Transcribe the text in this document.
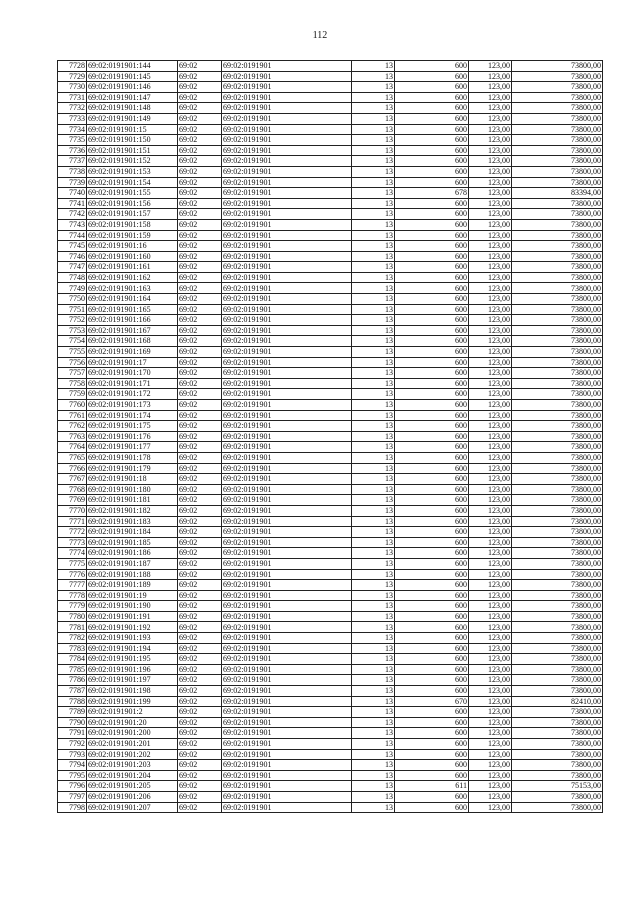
112
7728	69:02:0191901:144	69:02	69:02:0191901	13	600	123,00	73800,00
7729	69:02:0191901:145	69:02	69:02:0191901	13	600	123,00	73800,00
7730	69:02:0191901:146	69:02	69:02:0191901	13	600	123,00	73800,00
7731	69:02:0191901:147	69:02	69:02:0191901	13	600	123,00	73800,00
7732	69:02:0191901:148	69:02	69:02:0191901	13	600	123,00	73800,00
7733	69:02:0191901:149	69:02	69:02:0191901	13	600	123,00	73800,00
7734	69:02:0191901:15	69:02	69:02:0191901	13	600	123,00	73800,00
7735	69:02:0191901:150	69:02	69:02:0191901	13	600	123,00	73800,00
7736	69:02:0191901:151	69:02	69:02:0191901	13	600	123,00	73800,00
7737	69:02:0191901:152	69:02	69:02:0191901	13	600	123,00	73800,00
7738	69:02:0191901:153	69:02	69:02:0191901	13	600	123,00	73800,00
7739	69:02:0191901:154	69:02	69:02:0191901	13	600	123,00	73800,00
7740	69:02:0191901:155	69:02	69:02:0191901	13	678	123,00	83394,00
7741	69:02:0191901:156	69:02	69:02:0191901	13	600	123,00	73800,00
7742	69:02:0191901:157	69:02	69:02:0191901	13	600	123,00	73800,00
7743	69:02:0191901:158	69:02	69:02:0191901	13	600	123,00	73800,00
7744	69:02:0191901:159	69:02	69:02:0191901	13	600	123,00	73800,00
7745	69:02:0191901:16	69:02	69:02:0191901	13	600	123,00	73800,00
7746	69:02:0191901:160	69:02	69:02:0191901	13	600	123,00	73800,00
7747	69:02:0191901:161	69:02	69:02:0191901	13	600	123,00	73800,00
7748	69:02:0191901:162	69:02	69:02:0191901	13	600	123,00	73800,00
7749	69:02:0191901:163	69:02	69:02:0191901	13	600	123,00	73800,00
7750	69:02:0191901:164	69:02	69:02:0191901	13	600	123,00	73800,00
7751	69:02:0191901:165	69:02	69:02:0191901	13	600	123,00	73800,00
7752	69:02:0191901:166	69:02	69:02:0191901	13	600	123,00	73800,00
7753	69:02:0191901:167	69:02	69:02:0191901	13	600	123,00	73800,00
7754	69:02:0191901:168	69:02	69:02:0191901	13	600	123,00	73800,00
7755	69:02:0191901:169	69:02	69:02:0191901	13	600	123,00	73800,00
7756	69:02:0191901:17	69:02	69:02:0191901	13	600	123,00	73800,00
7757	69:02:0191901:170	69:02	69:02:0191901	13	600	123,00	73800,00
7758	69:02:0191901:171	69:02	69:02:0191901	13	600	123,00	73800,00
7759	69:02:0191901:172	69:02	69:02:0191901	13	600	123,00	73800,00
7760	69:02:0191901:173	69:02	69:02:0191901	13	600	123,00	73800,00
7761	69:02:0191901:174	69:02	69:02:0191901	13	600	123,00	73800,00
7762	69:02:0191901:175	69:02	69:02:0191901	13	600	123,00	73800,00
7763	69:02:0191901:176	69:02	69:02:0191901	13	600	123,00	73800,00
7764	69:02:0191901:177	69:02	69:02:0191901	13	600	123,00	73800,00
7765	69:02:0191901:178	69:02	69:02:0191901	13	600	123,00	73800,00
7766	69:02:0191901:179	69:02	69:02:0191901	13	600	123,00	73800,00
7767	69:02:0191901:18	69:02	69:02:0191901	13	600	123,00	73800,00
7768	69:02:0191901:180	69:02	69:02:0191901	13	600	123,00	73800,00
7769	69:02:0191901:181	69:02	69:02:0191901	13	600	123,00	73800,00
7770	69:02:0191901:182	69:02	69:02:0191901	13	600	123,00	73800,00
7771	69:02:0191901:183	69:02	69:02:0191901	13	600	123,00	73800,00
7772	69:02:0191901:184	69:02	69:02:0191901	13	600	123,00	73800,00
7773	69:02:0191901:185	69:02	69:02:0191901	13	600	123,00	73800,00
7774	69:02:0191901:186	69:02	69:02:0191901	13	600	123,00	73800,00
7775	69:02:0191901:187	69:02	69:02:0191901	13	600	123,00	73800,00
7776	69:02:0191901:188	69:02	69:02:0191901	13	600	123,00	73800,00
7777	69:02:0191901:189	69:02	69:02:0191901	13	600	123,00	73800,00
7778	69:02:0191901:19	69:02	69:02:0191901	13	600	123,00	73800,00
7779	69:02:0191901:190	69:02	69:02:0191901	13	600	123,00	73800,00
7780	69:02:0191901:191	69:02	69:02:0191901	13	600	123,00	73800,00
7781	69:02:0191901:192	69:02	69:02:0191901	13	600	123,00	73800,00
7782	69:02:0191901:193	69:02	69:02:0191901	13	600	123,00	73800,00
7783	69:02:0191901:194	69:02	69:02:0191901	13	600	123,00	73800,00
7784	69:02:0191901:195	69:02	69:02:0191901	13	600	123,00	73800,00
7785	69:02:0191901:196	69:02	69:02:0191901	13	600	123,00	73800,00
7786	69:02:0191901:197	69:02	69:02:0191901	13	600	123,00	73800,00
7787	69:02:0191901:198	69:02	69:02:0191901	13	600	123,00	73800,00
7788	69:02:0191901:199	69:02	69:02:0191901	13	670	123,00	82410,00
7789	69:02:0191901:2	69:02	69:02:0191901	13	600	123,00	73800,00
7790	69:02:0191901:20	69:02	69:02:0191901	13	600	123,00	73800,00
7791	69:02:0191901:200	69:02	69:02:0191901	13	600	123,00	73800,00
7792	69:02:0191901:201	69:02	69:02:0191901	13	600	123,00	73800,00
7793	69:02:0191901:202	69:02	69:02:0191901	13	600	123,00	73800,00
7794	69:02:0191901:203	69:02	69:02:0191901	13	600	123,00	73800,00
7795	69:02:0191901:204	69:02	69:02:0191901	13	600	123,00	73800,00
7796	69:02:0191901:205	69:02	69:02:0191901	13	611	123,00	75153,00
7797	69:02:0191901:206	69:02	69:02:0191901	13	600	123,00	73800,00
7798	69:02:0191901:207	69:02	69:02:0191901	13	600	123,00	73800,00
